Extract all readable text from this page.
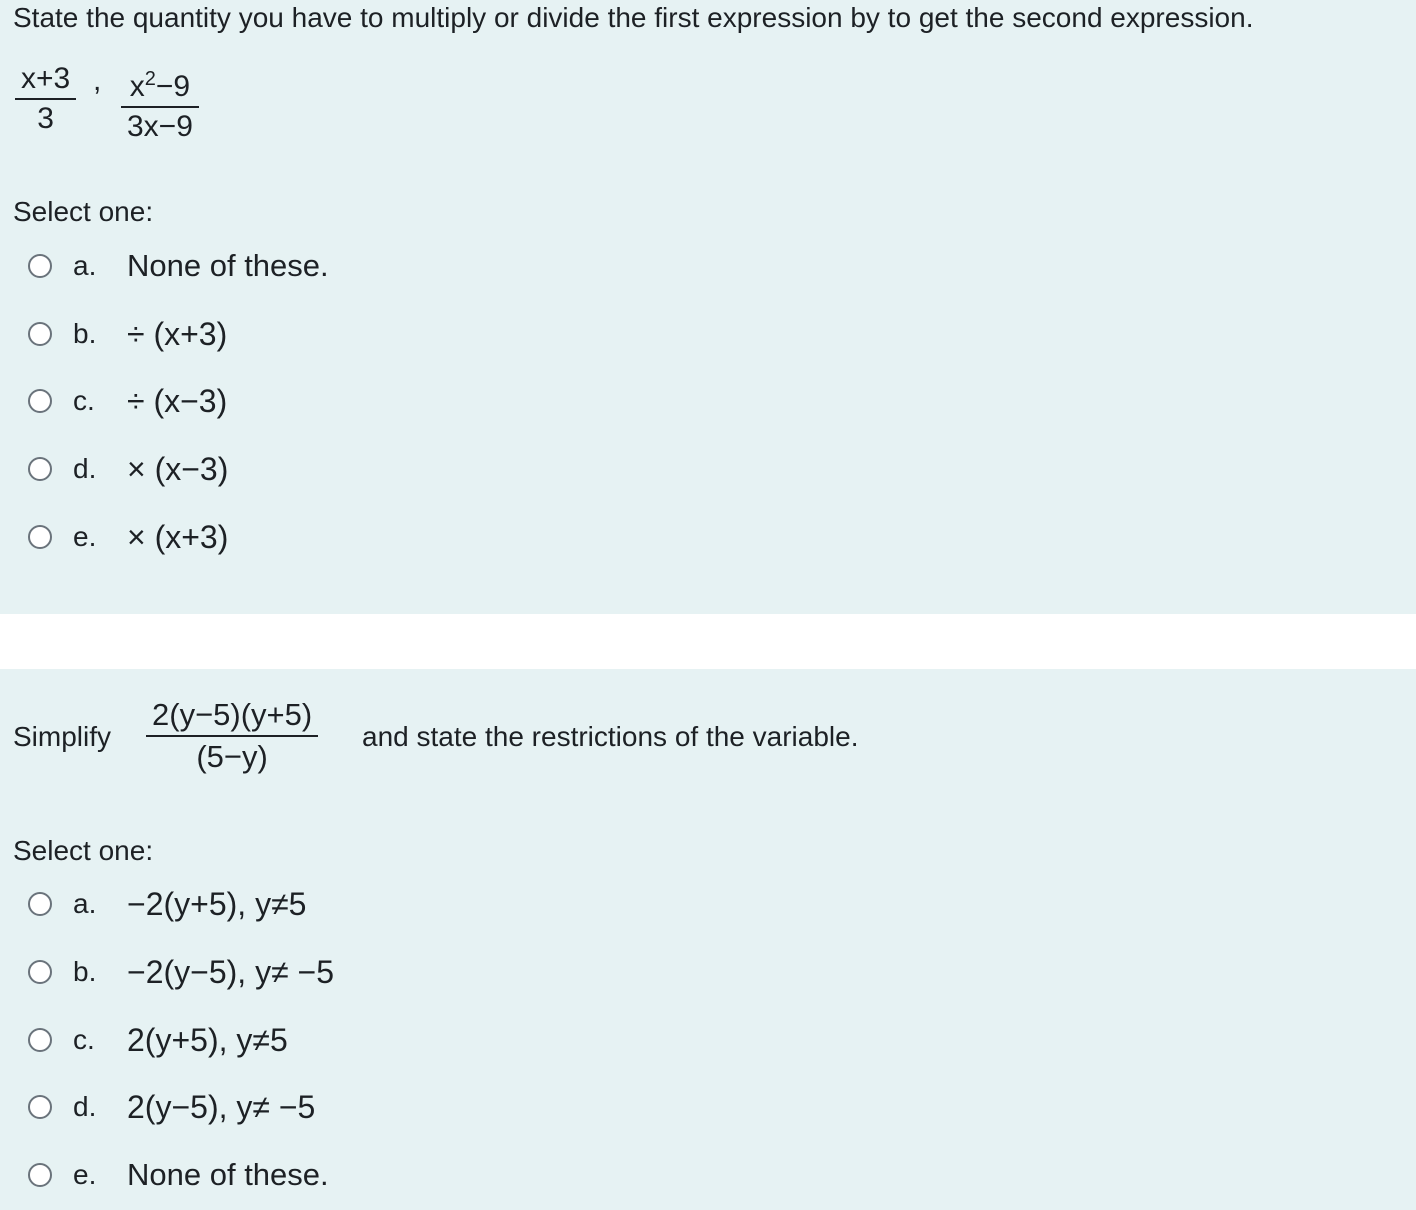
State the quantity you have to multiply or divide the first expression by to get the second expression.
x+3
3
, $x^2-9$
3x−9
Select one:
a. None of these.
b. ÷ (x+3)
c. ÷ (x−3)
d. × (x−3)
e. × (x+3)
Simplify
2(y−5)(y+5)
(5−y)
and state the restrictions of the variable.
Select one:
a. −2(y+5), y≠5
b. −2(y−5), y≠ −5
c. 2(y+5), y≠5
d. 2(y−5), y≠ −5
e. None of these.
